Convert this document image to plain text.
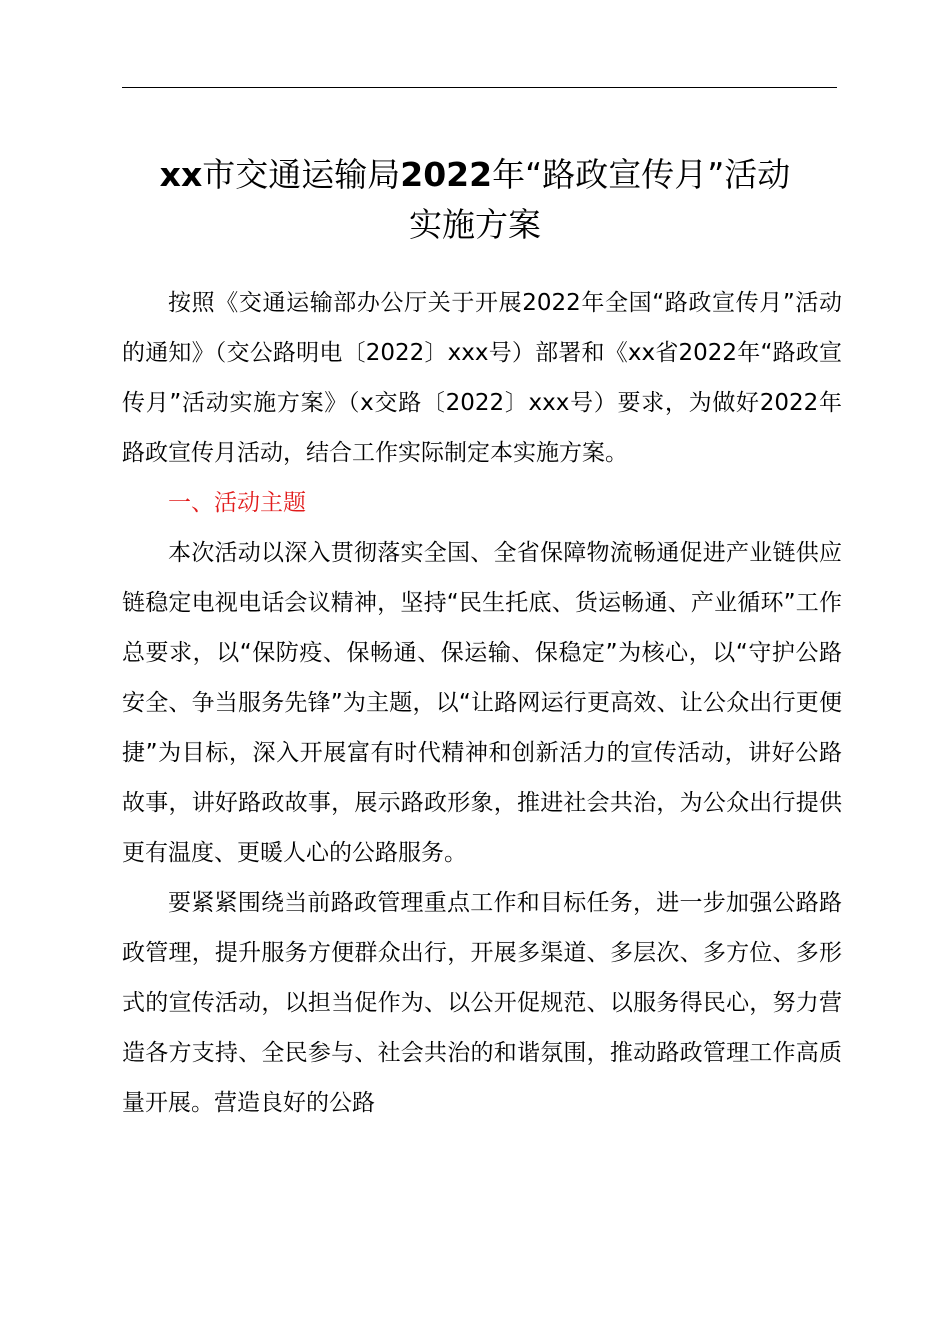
xx市交通运输局2022年“路政宣传月”活动
实施方案

按照《交通运输部办公厅关于开展2022年全国“路政宣传月”活动的通知》（交公路明电〔2022〕xxx号）部署和《xx省2022年“路政宣传月”活动实施方案》（x交路〔2022〕xxx号）要求，为做好2022年路政宣传月活动，结合工作实际制定本实施方案。

一、活动主题

本次活动以深入贯彻落实全国、全省保障物流畅通促进产业链供应链稳定电视电话会议精神，坚持“民生托底、货运畅通、产业循环”工作总要求，以“保防疫、保畅通、保运输、保稳定”为核心，以“守护公路安全、争当服务先锋”为主题，以“让路网运行更高效、让公众出行更便捷”为目标，深入开展富有时代精神和创新活力的宣传活动，讲好公路故事，讲好路政故事，展示路政形象，推进社会共治，为公众出行提供更有温度、更暖人心的公路服务。

要紧紧围绕当前路政管理重点工作和目标任务，进一步加强公路路政管理，提升服务方便群众出行，开展多渠道、多层次、多方位、多形式的宣传活动，以担当促作为、以公开促规范、以服务得民心，努力营造各方支持、全民参与、社会共治的和谐氛围，推动路政管理工作高质量开展。营造良好的公路
